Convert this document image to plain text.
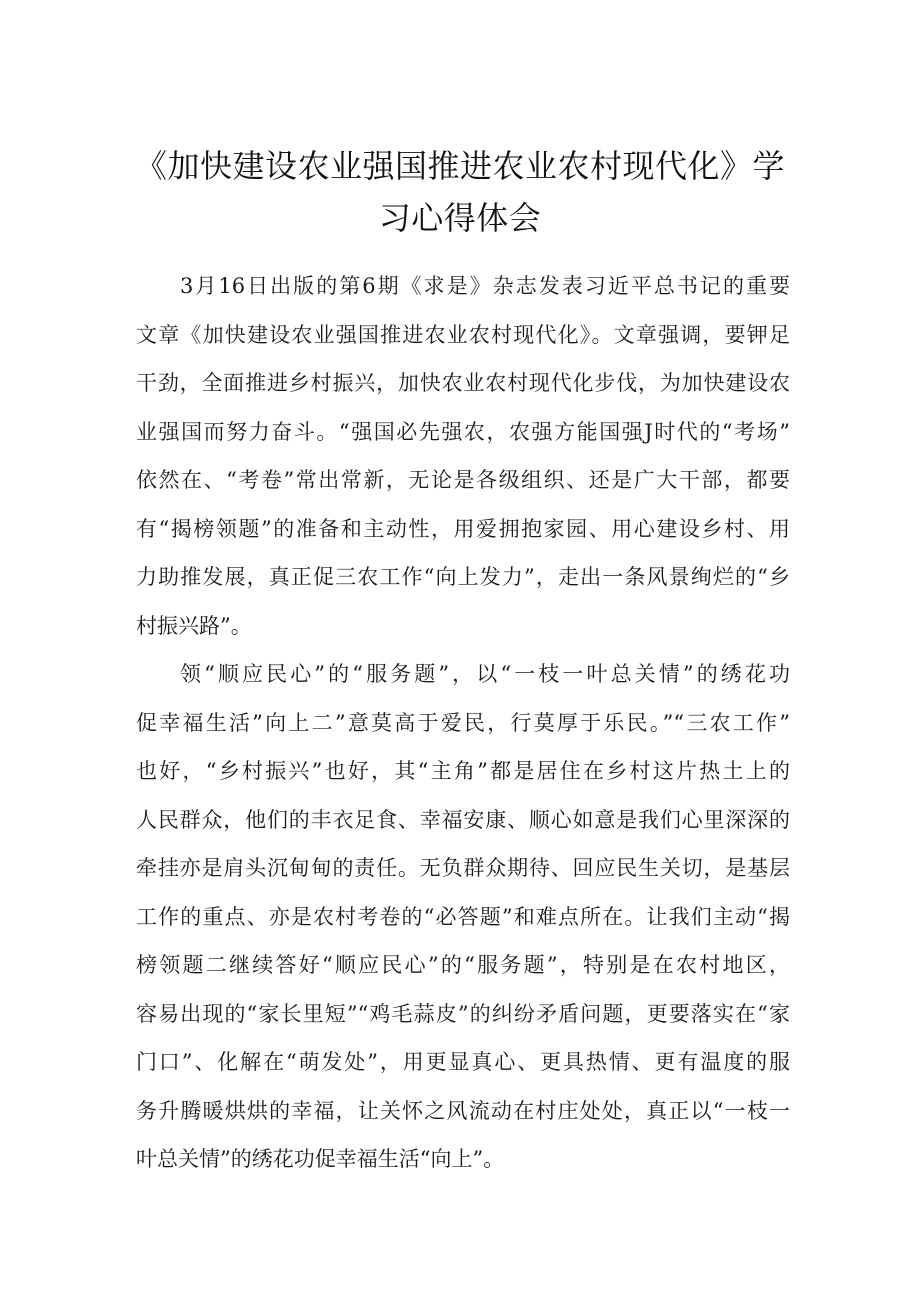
《加快建设农业强国推进农业农村现代化》学
习心得体会

3月16日出版的第6期《求是》杂志发表习近平总书记的重要
文章《加快建设农业强国推进农业农村现代化》。文章强调，要钾足
干劲，全面推进乡村振兴，加快农业农村现代化步伐，为加快建设农
业强国而努力奋斗。“强国必先强农，农强方能国强J时代的“考场”
依然在、“考卷”常出常新，无论是各级组织、还是广大干部，都要
有“揭榜领题”的准备和主动性，用爱拥抱家园、用心建设乡村、用
力助推发展，真正促三农工作“向上发力”，走出一条风景绚烂的“乡
村振兴路”。

领“顺应民心”的“服务题”，以“一枝一叶总关情”的绣花功
促幸福生活”向上二”意莫高于爱民，行莫厚于乐民。”“三农工作”
也好，“乡村振兴”也好，其“主角”都是居住在乡村这片热土上的
人民群众，他们的丰衣足食、幸福安康、顺心如意是我们心里深深的
牵挂亦是肩头沉甸甸的责任。无负群众期待、回应民生关切，是基层
工作的重点、亦是农村考卷的“必答题”和难点所在。让我们主动“揭
榜领题二继续答好“顺应民心”的“服务题”，特别是在农村地区，
容易出现的“家长里短”“鸡毛蒜皮”的纠纷矛盾问题，更要落实在“家
门口”、化解在“萌发处”，用更显真心、更具热情、更有温度的服
务升腾暖烘烘的幸福，让关怀之风流动在村庄处处，真正以“一枝一
叶总关情”的绣花功促幸福生活“向上”。
